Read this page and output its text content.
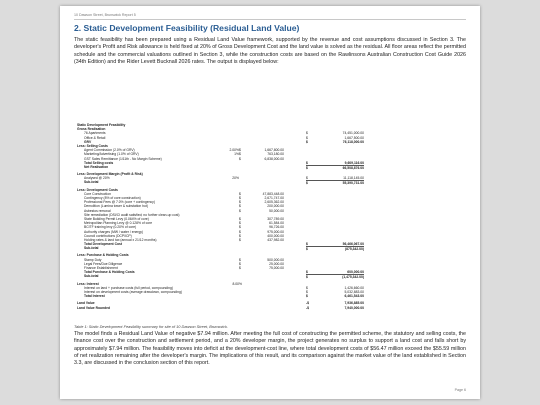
10 Dawson Street, Brunswick Report 5
2. Static Development Feasibility (Residual Land Value)
The static feasibility has been prepared using a Residual Land Value framework, supported by the revenue and cost assumptions discussed in Section 3. The developer's Profit and Risk allowance is held fixed at 20% of Gross Development Cost and the land value is solved as the residual. All floor areas reflect the permitted schedule and the commercial valuations outlined in Section 3, while the construction costs are based on the Rawlinsons Australian Construction Cost Guide 2026 (34th Edition) and the Rider Levett Bucknall 2026 rates. The output is displayed below:
Static Development Feasibility
Gross Realisation
76 Apartments	$	74,451,000.00
Office & Retail	$	1,667,500.00
GRV	$	76,118,000.00
Less: Selling Costs
Agent Commission (2.0% of GRV)	2.00% $	1,667,800.00
Marketing/Advertising (1.0% of GRV)	1% $	763,180.00
GST Sales Remittance (1/11th - No Margin Scheme)	$	6,838,000.00
Total Selling costs	$	9,609,116.00
Net Realisation	$	66,508,876.00
Less: Development Margin (Profit & Risk)
Analysed @ 20%	20%	$	11,118,145.00
Sub-total	$	55,390,731.00
Less: Development Costs
Core Construction	$	47,883,448.00
Contingency (8% of core construction)	$	2,671,747.00
Professional Fees @ 7.0% (core + contingency)	$	2,605,362.00
Demolition (Lumina tower & substation hut)	$	200,000.00
Asbestos removal	$	50,000.00
Site remediation (DSI/CI audit satisfied; no further clean-up cost)
State Building Permit Levy (0.064% of core)	$	307,789.00
Metropolitan Planning Levy @ 0.128% of core	$	61,584.00
BCITF training levy (0.20% of core)	$	96,726.00
Authority charges (MW / water / energy)	$	975,000.00
Council contributions (DCP/ICP)	$	400,000.00
Holding rates & land tax (annual x 21/12 months)	$	437,982.00
Total Development Cost	$	56,466,067.00
Sub-total	$	(875,342.00)
Less: Purchase & Holding Costs
Stamp Duty	$	500,000.00
Legal Fees/Due Diligence	$	25,000.00
Finance Establishment	$	75,000.00
Total Purchase & Holding Costs	$	600,000.00
Sub-total	$	(1,475,342.00)
Less: Interest	8.00%
Interest on land + purchase costs (full period, compounding)	$	1,426,660.00
Interest on development costs (average drawdown, compounding)	$	5,032,883.00
Total Interest	$	6,461,543.00
Land Value	-$	7,936,885.00
Land Value Rounded	-$	7,940,000.00
Table 1: Static Development Feasibility summary for site of 10 Dawson Street, Brunswick.
The model finds a Residual Land Value of negative $7.94 million. After meeting the full cost of constructing the permitted scheme, the statutory and selling costs, the finance cost over the construction and settlement period, and a 20% developer margin, the project generates no surplus to support a land cost and falls short by approximately $7.94 million. The feasibility moves into deficit at the development-cost line, where total development costs of $56.47 million exceed the $55.59 million of net realization remaining after the developer's margin. The implications of this result, and its comparison against the market value of the land established in Section 3.3, are discussed in the conclusion section of this report.
Page 6
